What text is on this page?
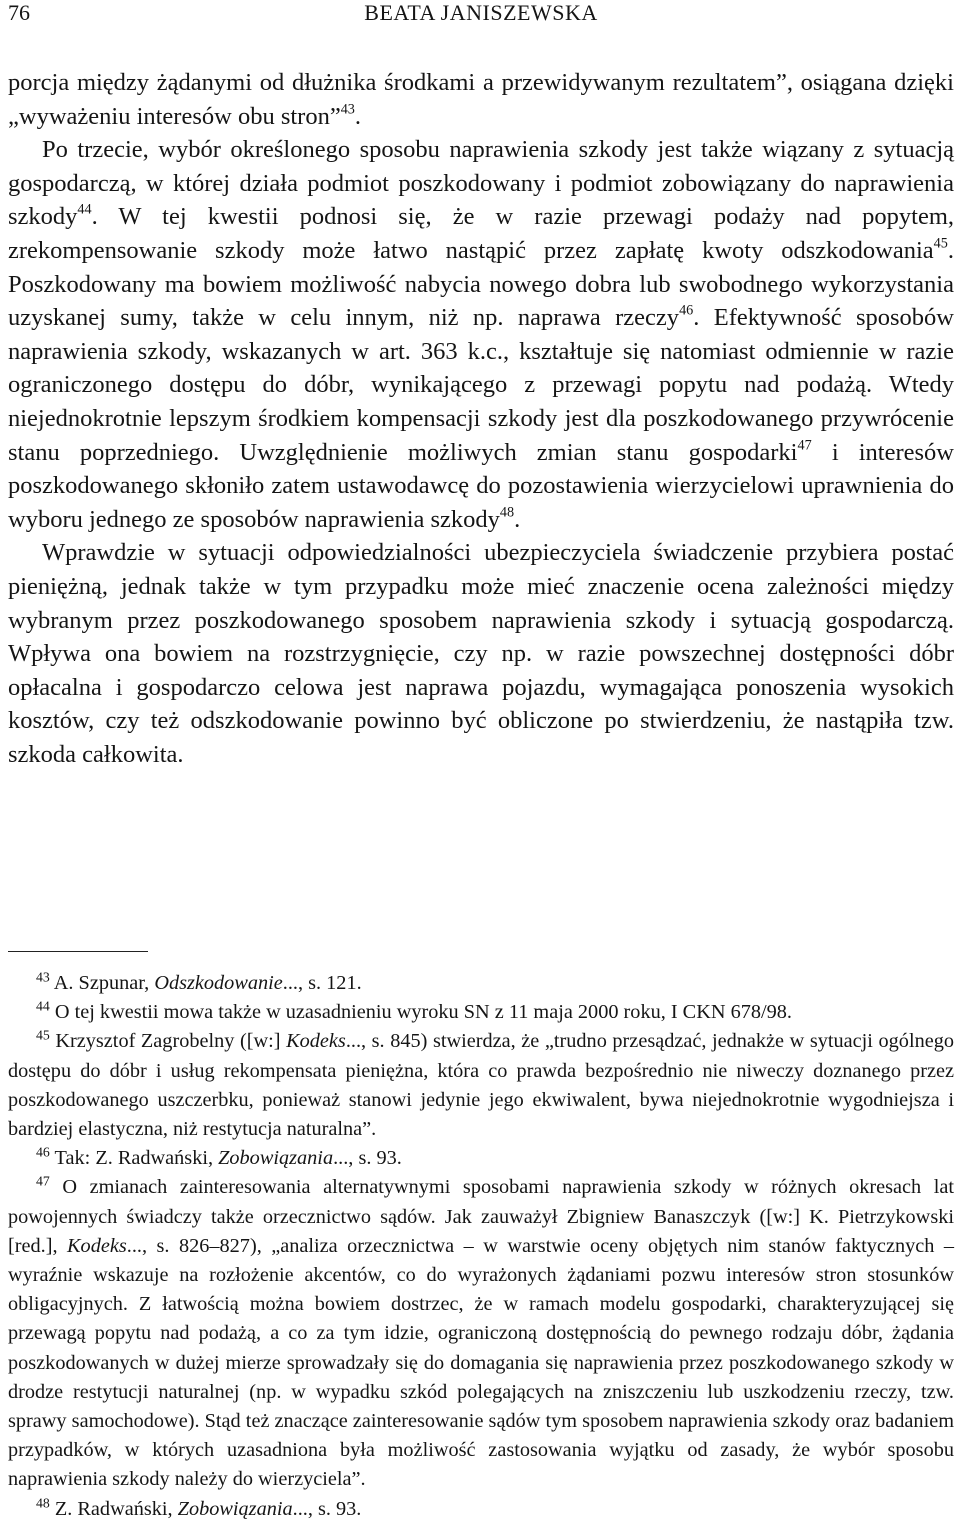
76	BEATA JANISZEWSKA

porcja między żądanymi od dłużnika środkami a przewidywanym rezultatem”, osiągana dzięki „wyważeniu interesów obu stron”$^{43}$.

Po trzecie, wybór określonego sposobu naprawienia szkody jest także wiązany z sytuacją gospodarczą, w której działa podmiot poszkodowany i podmiot zobowiązany do naprawienia szkody$^{44}$. W tej kwestii podnosi się, że w razie przewagi podaży nad popytem, zrekompensowanie szkody może łatwo nastąpić przez zapłatę kwoty odszkodowania$^{45}$. Poszkodowany ma bowiem możliwość nabycia nowego dobra lub swobodnego wykorzystania uzyskanej sumy, także w celu innym, niż np. naprawa rzeczy$^{46}$. Efektywność sposobów naprawienia szkody, wskazanych w art. 363 k.c., kształtuje się natomiast odmiennie w razie ograniczonego dostępu do dóbr, wynikającego z przewagi popytu nad podażą. Wtedy niejednokrotnie lepszym środkiem kompensacji szkody jest dla poszkodowanego przywrócenie stanu poprzedniego. Uwzględnienie możliwych zmian stanu gospodarki$^{47}$ i interesów poszkodowanego skłoniło zatem ustawodawcę do pozostawienia wierzycielowi uprawnienia do wyboru jednego ze sposobów naprawienia szkody$^{48}$.

Wprawdzie w sytuacji odpowiedzialności ubezpieczyciela świadczenie przybiera postać pieniężną, jednak także w tym przypadku może mieć znaczenie ocena zależności między wybranym przez poszkodowanego sposobem naprawienia szkody i sytuacją gospodarczą. Wpływa ona bowiem na rozstrzygnięcie, czy np. w razie powszechnej dostępności dóbr opłacalna i gospodarczo celowa jest naprawa pojazdu, wymagająca ponoszenia wysokich kosztów, czy też odszkodowanie powinno być obliczone po stwierdzeniu, że nastąpiła tzw. szkoda całkowita.

$^{43}$ A. Szpunar, Odszkodowanie..., s. 121.

$^{44}$ O tej kwestii mowa także w uzasadnieniu wyroku SN z 11 maja 2000 roku, I CKN 678/98.

$^{45}$ Krzysztof Zagrobelny ([w:] Kodeks..., s. 845) stwierdza, że „trudno przesądzać, jednakże w sytuacji ogólnego dostępu do dóbr i usług rekompensata pieniężna, która co prawda bezpośrednio nie niweczy doznanego przez poszkodowanego uszczerbku, ponieważ stanowi jedynie jego ekwiwalent, bywa niejednokrotnie wygodniejsza i bardziej elastyczna, niż restytucja naturalna”.

$^{46}$ Tak: Z. Radwański, Zobowiązania..., s. 93.

$^{47}$ O zmianach zainteresowania alternatywnymi sposobami naprawienia szkody w różnych okresach lat powojennych świadczy także orzecznictwo sądów. Jak zauważył Zbigniew Banaszczyk ([w:] K. Pietrzykowski [red.], Kodeks..., s. 826–827), „analiza orzecznictwa – w warstwie oceny objętych nim stanów faktycznych – wyraźnie wskazuje na rozłożenie akcentów, co do wyrażonych żądaniami pozwu interesów stron stosunków obligacyjnych. Z łatwością można bowiem dostrzec, że w ramach modelu gospodarki, charakteryzującej się przewagą popytu nad podażą, a co za tym idzie, ograniczoną dostępnością do pewnego rodzaju dóbr, żądania poszkodowanych w dużej mierze sprowadzały się do domagania się naprawienia przez poszkodowanego szkody w drodze restytucji naturalnej (np. w wypadku szkód polegających na zniszczeniu lub uszkodzeniu rzeczy, tzw. sprawy samochodowe). Stąd też znaczące zainteresowanie sądów tym sposobem naprawienia szkody oraz badaniem przypadków, w których uzasadniona była możliwość zastosowania wyjątku od zasady, że wybór sposobu naprawienia szkody należy do wierzyciela”.

$^{48}$ Z. Radwański, Zobowiązania..., s. 93.
